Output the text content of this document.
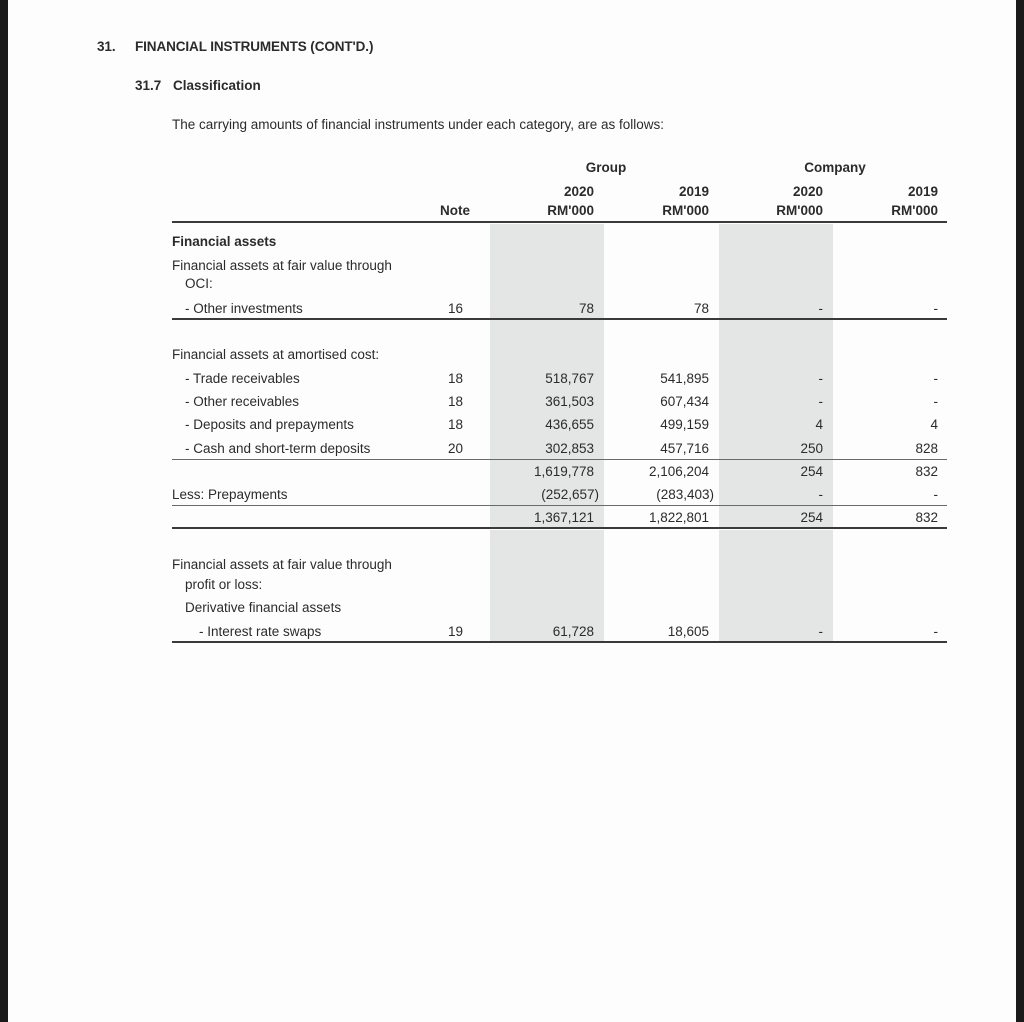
31. FINANCIAL INSTRUMENTS (CONT'D.)
31.7 Classification
The carrying amounts of financial instruments under each category, are as follows:
Group	Company
2020	2019	2020	2019
Note	RM'000	RM'000	RM'000	RM'000
Financial assets
Financial assets at fair value through
OCI:
- Other investments	16	78	78	-	-
Financial assets at amortised cost:
- Trade receivables	18	518,767	541,895	-	-
- Other receivables	18	361,503	607,434	-	-
- Deposits and prepayments	18	436,655	499,159	4	4
- Cash and short-term deposits	20	302,853	457,716	250	828
1,619,778	2,106,204	254	832
Less: Prepayments	(252,657)	(283,403)	-	-
1,367,121	1,822,801	254	832
Financial assets at fair value through
profit or loss:
Derivative financial assets
- Interest rate swaps	19	61,728	18,605	-	-
